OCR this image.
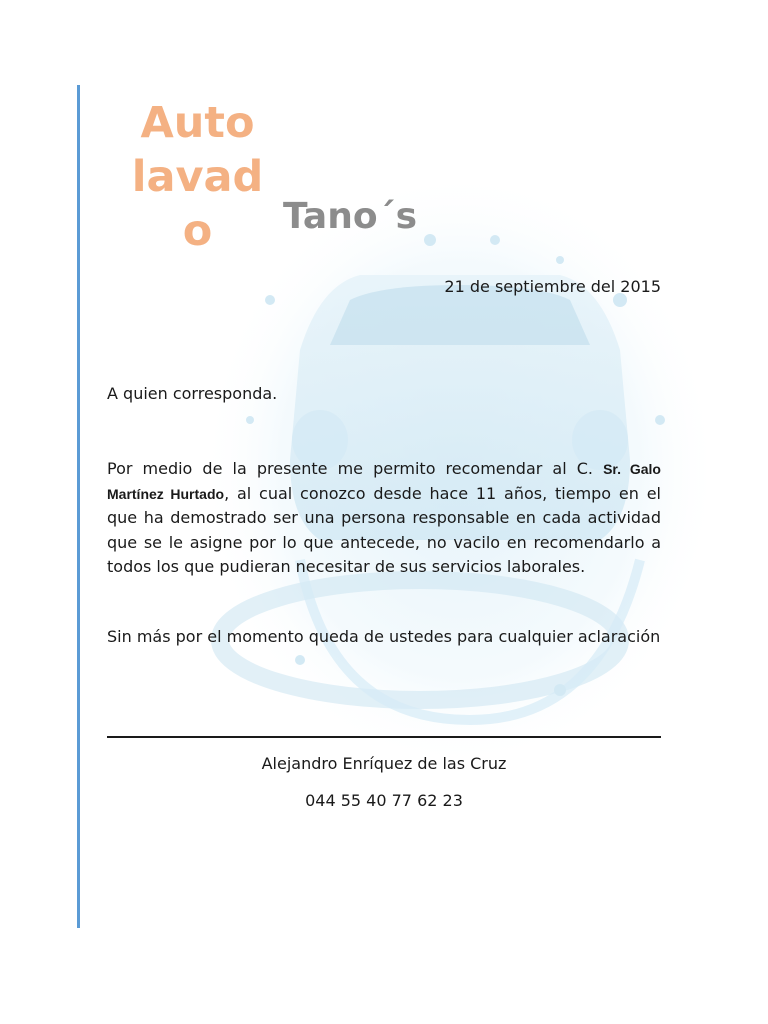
Auto
lavad
o	Tano´s
21 de septiembre del 2015
A quien corresponda.
Por medio de la presente me permito recomendar al C. Sr. Galo Martínez Hurtado, al cual conozco desde hace 11 años, tiempo en el que ha demostrado ser una persona responsable en cada actividad que se le asigne por lo que antecede, no vacilo en recomendarlo a todos los que pudieran necesitar de sus servicios laborales.
Sin más por el momento queda de ustedes para cualquier aclaración
Alejandro Enríquez de las Cruz
044 55 40 77 62 23
